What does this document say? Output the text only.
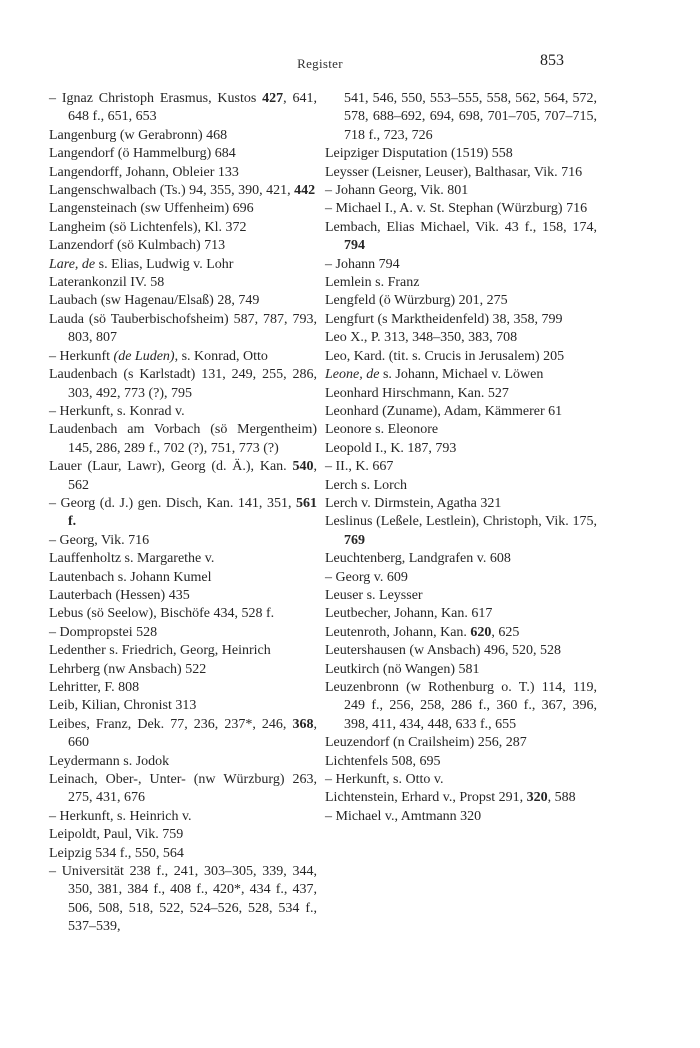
Register	853
– Ignaz Christoph Erasmus, Kustos 427, 641, 648 f., 651, 653
Langenburg (w Gerabronn) 468
Langendorf (ö Hammelburg) 684
Langendorff, Johann, Obleier 133
Langenschwalbach (Ts.) 94, 355, 390, 421, 442
Langensteinach (sw Uffenheim) 696
Langheim (sö Lichtenfels), Kl. 372
Lanzendorf (sö Kulmbach) 713
Lare, de s. Elias, Ludwig v. Lohr
Laterankonzil IV. 58
Laubach (sw Hagenau/Elsaß) 28, 749
Lauda (sö Tauberbischofsheim) 587, 787, 793, 803, 807
– Herkunft (de Luden), s. Konrad, Otto
Laudenbach (s Karlstadt) 131, 249, 255, 286, 303, 492, 773 (?), 795
– Herkunft, s. Konrad v.
Laudenbach am Vorbach (sö Mergentheim) 145, 286, 289 f., 702 (?), 751, 773 (?)
Lauer (Laur, Lawr), Georg (d. Ä.), Kan. 540, 562
– Georg (d. J.) gen. Disch, Kan. 141, 351, 561 f.
– Georg, Vik. 716
Lauffenholtz s. Margarethe v.
Lautenbach s. Johann Kumel
Lauterbach (Hessen) 435
Lebus (sö Seelow), Bischöfe 434, 528 f.
– Dompropstei 528
Ledenther s. Friedrich, Georg, Heinrich
Lehrberg (nw Ansbach) 522
Lehritter, F. 808
Leib, Kilian, Chronist 313
Leibes, Franz, Dek. 77, 236, 237*, 246, 368, 660
Leydermann s. Jodok
Leinach, Ober-, Unter- (nw Würzburg) 263, 275, 431, 676
– Herkunft, s. Heinrich v.
Leipoldt, Paul, Vik. 759
Leipzig 534 f., 550, 564
– Universität 238 f., 241, 303–305, 339, 344, 350, 381, 384 f., 408 f., 420*, 434 f., 437, 506, 508, 518, 522, 524–526, 528, 534 f., 537–539,
541, 546, 550, 553–555, 558, 562, 564, 572, 578, 688–692, 694, 698, 701–705, 707–715, 718 f., 723, 726
Leipziger Disputation (1519) 558
Leysser (Leisner, Leuser), Balthasar, Vik. 716
– Johann Georg, Vik. 801
– Michael I., A. v. St. Stephan (Würzburg) 716
Lembach, Elias Michael, Vik. 43 f., 158, 174, 794
– Johann 794
Lemlein s. Franz
Lengfeld (ö Würzburg) 201, 275
Lengfurt (s Marktheidenfeld) 38, 358, 799
Leo X., P. 313, 348–350, 383, 708
Leo, Kard. (tit. s. Crucis in Jerusalem) 205
Leone, de s. Johann, Michael v. Löwen
Leonhard Hirschmann, Kan. 527
Leonhard (Zuname), Adam, Kämmerer 61
Leonore s. Eleonore
Leopold I., K. 187, 793
– II., K. 667
Lerch s. Lorch
Lerch v. Dirmstein, Agatha 321
Leslinus (Leßele, Lestlein), Christoph, Vik. 175, 769
Leuchtenberg, Landgrafen v. 608
– Georg v. 609
Leuser s. Leysser
Leutbecher, Johann, Kan. 617
Leutenroth, Johann, Kan. 620, 625
Leutershausen (w Ansbach) 496, 520, 528
Leutkirch (nö Wangen) 581
Leuzenbronn (w Rothenburg o. T.) 114, 119, 249 f., 256, 258, 286 f., 360 f., 367, 396, 398, 411, 434, 448, 633 f., 655
Leuzendorf (n Crailsheim) 256, 287
Lichtenfels 508, 695
– Herkunft, s. Otto v.
Lichtenstein, Erhard v., Propst 291, 320, 588
– Michael v., Amtmann 320
